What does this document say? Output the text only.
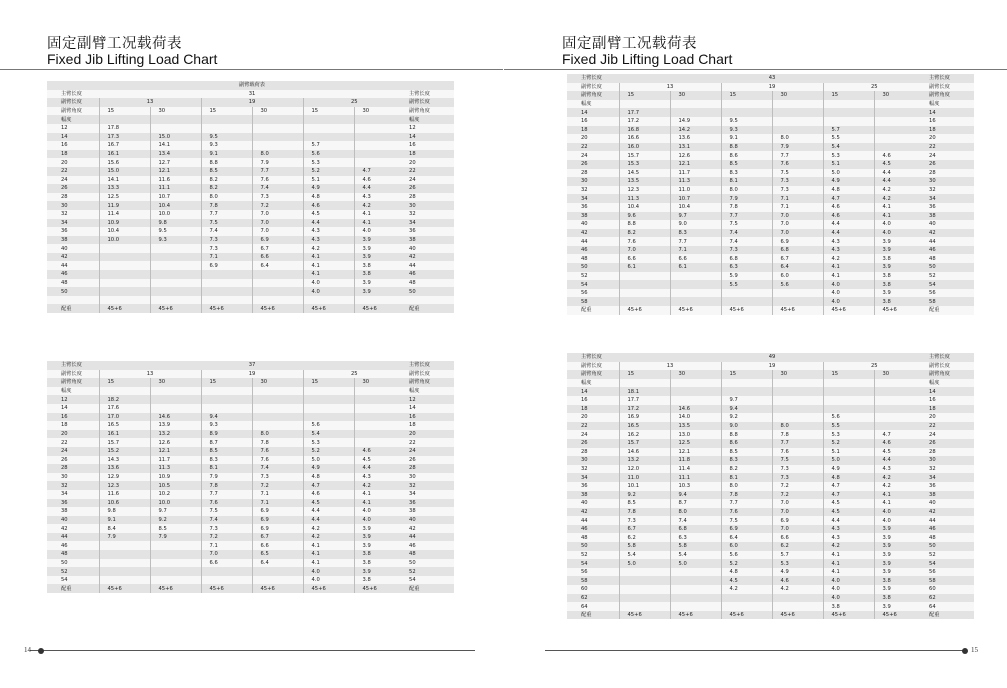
固定副臂工况载荷表
Fixed Jib Lifting Load Chart
固定副臂工况载荷表
Fixed Jib Lifting Load Chart
	副臂载荷表						
主臂长度	31						主臂长度
副臂长度	13		19		25		副臂长度
副臂角度	15	30	15	30	15	30	副臂角度
幅度							幅度
12	17.8						12
14	17.3	15.0	9.5				14
16	16.7	14.1	9.3		5.7		16
18	16.1	13.4	9.1	8.0	5.6		18
20	15.6	12.7	8.8	7.9	5.3		20
22	15.0	12.1	8.5	7.7	5.2	4.7	22
24	14.1	11.6	8.2	7.6	5.1	4.6	24
26	13.3	11.1	8.2	7.4	4.9	4.4	26
28	12.5	10.7	8.0	7.3	4.8	4.3	28
30	11.9	10.4	7.8	7.2	4.6	4.2	30
32	11.4	10.0	7.7	7.0	4.5	4.1	32
34	10.9	9.8	7.5	7.0	4.4	4.1	34
36	10.4	9.5	7.4	7.0	4.3	4.0	36
38	10.0	9.3	7.3	6.9	4.3	3.9	38
40			7.3	6.7	4.2	3.9	40
42			7.1	6.6	4.1	3.9	42
44			6.9	6.4	4.1	3.8	44
46					4.1	3.8	46
48					4.0	3.9	48
50					4.0	3.9	50

配重	45+6	45+6	45+6	45+6	45+6	45+6	配重
主臂长度	37						主臂长度
副臂长度	13		19		25		副臂长度
副臂角度	15	30	15	30	15	30	副臂角度
幅度							幅度
12	18.2						12
14	17.6						14
16	17.0	14.6	9.4				16
18	16.5	13.9	9.3		5.6		18
20	16.1	13.2	8.9	8.0	5.4		20
22	15.7	12.6	8.7	7.8	5.3		22
24	15.2	12.1	8.5	7.6	5.2	4.6	24
26	14.3	11.7	8.3	7.6	5.0	4.5	26
28	13.6	11.3	8.1	7.4	4.9	4.4	28
30	12.9	10.9	7.9	7.3	4.8	4.3	30
32	12.3	10.5	7.8	7.2	4.7	4.2	32
34	11.6	10.2	7.7	7.1	4.6	4.1	34
36	10.6	10.0	7.6	7.1	4.5	4.1	36
38	9.8	9.7	7.5	6.9	4.4	4.0	38
40	9.1	9.2	7.4	6.9	4.4	4.0	40
42	8.4	8.5	7.3	6.9	4.2	3.9	42
44	7.9	7.9	7.2	6.7	4.2	3.9	44
46			7.1	6.6	4.1	3.9	46
48			7.0	6.5	4.1	3.8	48
50			6.6	6.4	4.1	3.8	50
52					4.0	3.9	52
54					4.0	3.8	54
配重	45+6	45+6	45+6	45+6	45+6	45+6	配重
主臂长度	43						主臂长度
副臂长度	13		19		25		副臂长度
副臂角度	15	30	15	30	15	30	副臂角度
幅度							幅度
14	17.7						14
16	17.2	14.9	9.5				16
18	16.8	14.2	9.3		5.7		18
20	16.6	13.6	9.1	8.0	5.5		20
22	16.0	13.1	8.8	7.9	5.4		22
24	15.7	12.6	8.6	7.7	5.3	4.6	24
26	15.3	12.1	8.5	7.6	5.1	4.5	26
28	14.5	11.7	8.3	7.5	5.0	4.4	28
30	13.5	11.3	8.1	7.3	4.9	4.4	30
32	12.3	11.0	8.0	7.3	4.8	4.2	32
34	11.3	10.7	7.9	7.1	4.7	4.2	34
36	10.4	10.4	7.8	7.1	4.6	4.1	36
38	9.6	9.7	7.7	7.0	4.6	4.1	38
40	8.8	9.0	7.5	7.0	4.4	4.0	40
42	8.2	8.3	7.4	7.0	4.4	4.0	42
44	7.6	7.7	7.4	6.9	4.3	3.9	44
46	7.0	7.1	7.3	6.8	4.3	3.9	46
48	6.6	6.6	6.8	6.7	4.2	3.8	48
50	6.1	6.1	6.3	6.4	4.1	3.9	50
52			5.9	6.0	4.1	3.8	52
54			5.5	5.6	4.0	3.8	54
56					4.0	3.9	56
58					4.0	3.8	58
配重	45+6	45+6	45+6	45+6	45+6	45+6	配重
主臂长度	49						主臂长度
副臂长度	13		19		25		副臂长度
副臂角度	15	30	15	30	15	30	副臂角度
幅度							幅度
14	18.1						14
16	17.7		9.7				16
18	17.2	14.6	9.4				18
20	16.9	14.0	9.2		5.6		20
22	16.5	13.5	9.0	8.0	5.5		22
24	16.2	13.0	8.8	7.8	5.3	4.7	24
26	15.7	12.5	8.6	7.7	5.2	4.6	26
28	14.6	12.1	8.5	7.6	5.1	4.5	28
30	13.2	11.8	8.3	7.5	5.0	4.4	30
32	12.0	11.4	8.2	7.3	4.9	4.3	32
34	11.0	11.1	8.1	7.3	4.8	4.2	34
36	10.1	10.3	8.0	7.2	4.7	4.2	36
38	9.2	9.4	7.8	7.2	4.7	4.1	38
40	8.5	8.7	7.7	7.0	4.5	4.1	40
42	7.8	8.0	7.6	7.0	4.5	4.0	42
44	7.3	7.4	7.5	6.9	4.4	4.0	44
46	6.7	6.8	6.9	7.0	4.3	3.9	46
48	6.2	6.3	6.4	6.6	4.3	3.9	48
50	5.8	5.8	6.0	6.2	4.2	3.9	50
52	5.4	5.4	5.6	5.7	4.1	3.9	52
54	5.0	5.0	5.2	5.3	4.1	3.9	54
56			4.8	4.9	4.1	3.9	56
58			4.5	4.6	4.0	3.8	58
60			4.2	4.2	4.0	3.9	60
62					4.0	3.8	62
64					3.8	3.9	64
配重	45+6	45+6	45+6	45+6	45+6	45+6	配重
14	15
